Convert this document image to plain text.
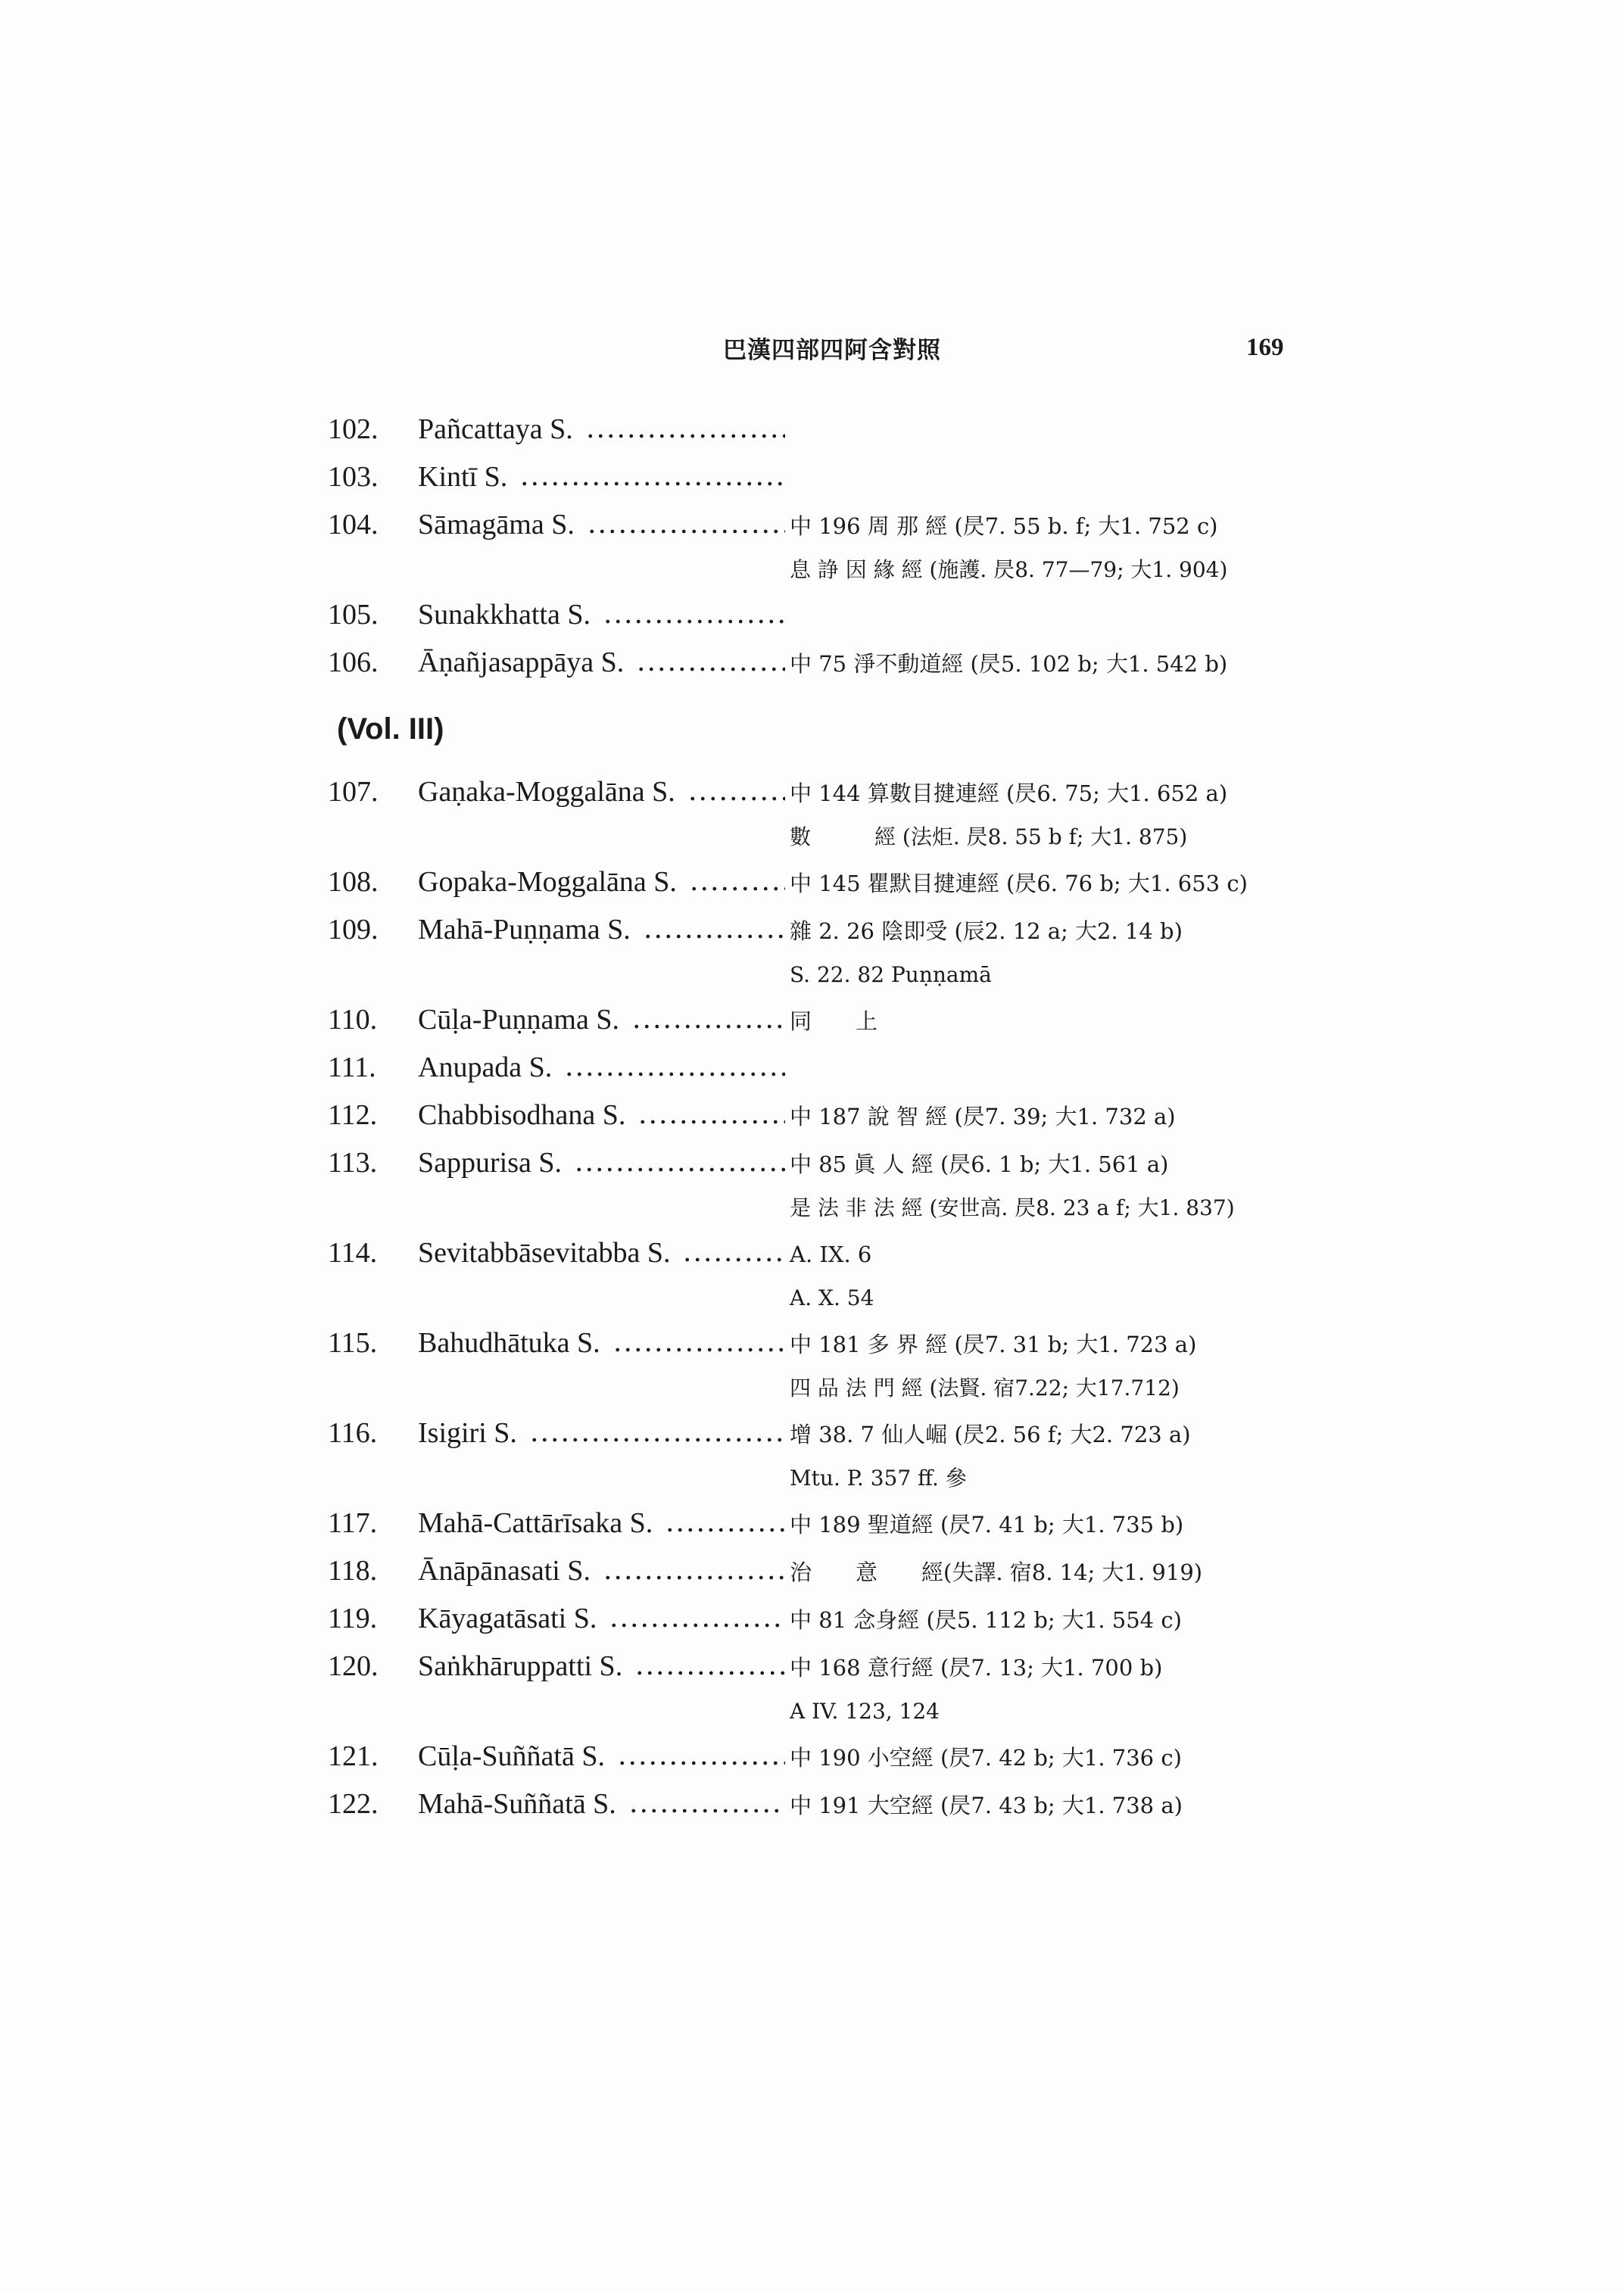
巴漢四部四阿含對照	169
102.	Pañcattaya S.
103.	Kintī S.
104.	Sāmagāma S.	中 196 周 那 經 (昃7. 55 b. f; 大1. 752 c)
息 諍 因 緣 經 (施護. 昃8. 77—79; 大1. 904)
105.	Sunakkhatta S.
106.	Āṇañjasappāya S.	中 75 淨不動道經 (昃5. 102 b; 大1. 542 b)
(Vol. III)
107.	Gaṇaka-Moggalāna S.	中 144 算數目揵連經 (昃6. 75; 大1. 652 a)
數　　　經 (法炬. 昃8. 55 b f; 大1. 875)
108.	Gopaka-Moggalāna S.	中 145 瞿默目揵連經 (昃6. 76 b; 大1. 653 c)
109.	Mahā-Puṇṇama S.	雜 2. 26 陰即受 (辰2. 12 a; 大2. 14 b)
S. 22. 82 Puṇṇamā
110.	Cūḷa-Puṇṇama S.	同　　上
111.	Anupada S.
112.	Chabbisodhana S.	中 187 說 智 經 (昃7. 39; 大1. 732 a)
113.	Sappurisa S.	中 85 眞 人 經 (昃6. 1 b; 大1. 561 a)
是 法 非 法 經 (安世高. 昃8. 23 a f; 大1. 837)
114.	Sevitabbāsevitabba S.	A. IX. 6
A. X. 54
115.	Bahudhātuka S.	中 181 多 界 經 (昃7. 31 b; 大1. 723 a)
四 品 法 門 經 (法賢. 宿7.22; 大17.712)
116.	Isigiri S.	增 38. 7 仙人崛 (昃2. 56 f; 大2. 723 a)
Mtu. P. 357 ff. 參
117.	Mahā-Cattārīsaka S.	中 189 聖道經 (昃7. 41 b; 大1. 735 b)
118.	Ānāpānasati S.	治　　意　　經(失譯. 宿8. 14; 大1. 919)
119.	Kāyagatāsati S.	中 81 念身經 (昃5. 112 b; 大1. 554 c)
120.	Saṅkhāruppatti S.	中 168 意行經 (昃7. 13; 大1. 700 b)
A IV. 123, 124
121.	Cūḷa-Suññatā S.	中 190 小空經 (昃7. 42 b; 大1. 736 c)
122.	Mahā-Suññatā S.	中 191 大空經 (昃7. 43 b; 大1. 738 a)
